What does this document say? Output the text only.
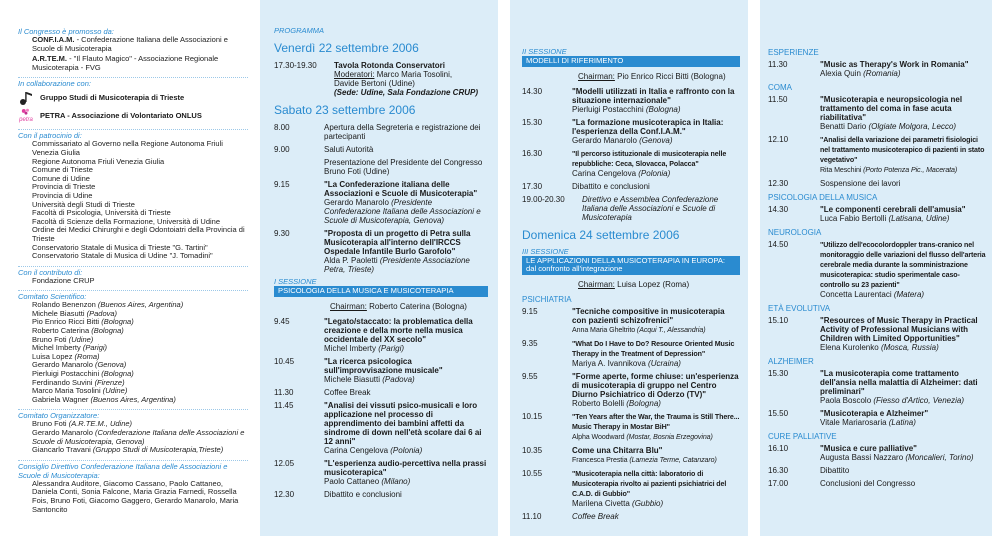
Il Congresso è promosso da:
CONF.I.A.M. - Confederazione Italiana delle Associazioni e Scuole di Musicoterapia
A.R.TE.M. - "Il Flauto Magico" - Associazione Regionale Musicoterapia - FVG
In collaborazione con:
Gruppo Studi di Musicoterapia di Trieste
petra PETRA - Associazione di Volontariato ONLUS
Con il patrocinio di:
Commissariato al Governo nella Regione Autonoma Friuli Venezia Giulia
Regione Autonoma Friuli Venezia Giulia
Comune di Trieste
Comune di Udine
Provincia di Trieste
Provincia di Udine
Università degli Studi di Trieste
Facoltà di Psicologia, Università di Trieste
Facoltà di Scienze della Formazione, Università di Udine
Ordine dei Medici Chirurghi e degli Odontoiatri della Provincia di Trieste
Conservatorio Statale di Musica di Trieste "G. Tartini"
Conservatorio Statale di Musica di Udine "J. Tomadini"
Con il contributo di:
Fondazione CRUP
Comitato Scientifico:
Rolando Benenzon (Buenos Aires, Argentina)
Michele Biasutti (Padova)
Pio Enrico Ricci Bitti (Bologna)
Roberto Caterina (Bologna)
Bruno Foti (Udine)
Michel Imberty (Parigi)
Luisa Lopez (Roma)
Gerardo Manarolo (Genova)
Pierluigi Postacchini (Bologna)
Ferdinando Suvini (Firenze)
Marco Maria Tosolini (Udine)
Gabriela Wagner (Buenos Aires, Argentina)
Comitato Organizzatore:
Bruno Foti (A.R.TE.M., Udine)
Gerardo Manarolo (Confederazione Italiana delle Associazioni e Scuole di Musicoterapia, Genova)
Giancarlo Travani (Gruppo Studi di Musicoterapia,Trieste)
Consiglio Direttivo Confederazione Italiana delle Associazioni e Scuole di Musicoterapia:
Alessandra Auditore, Giacomo Cassano, Paolo Cattaneo, Daniela Conti, Sonia Falcone, Maria Grazia Farnedi, Rossella Fois, Bruno Foti, Giacomo Gaggero, Gerardo Manarolo, Maria Santoncito
PROGRAMMA
Venerdì 22 settembre 2006
17.30-19.30	Tavola Rotonda Conservatori
Moderatori: Marco Maria Tosolini,
Davide Bertoni (Udine)
(Sede: Udine, Sala Fondazione CRUP)
Sabato 23 settembre 2006
8.00	Apertura della Segreteria e registrazione dei partecipanti
9.00	Saluti Autorità
Presentazione del Presidente del Congresso Bruno Foti (Udine)
9.15	"La Confederazione italiana delle Associazioni e Scuole di Musicoterapia"
Gerardo Manarolo (Presidente Confederazione Italiana delle Associazioni e Scuole di Musicoterapia, Genova)
9.30	"Proposta di un progetto di Petra sulla Musicoterapia all'interno dell'IRCCS Ospedale Infantile Burlo Garofolo"
Alda P. Paoletti (Presidente Associazione Petra, Trieste)
I SESSIONE
PSICOLOGIA DELLA MUSICA E MUSICOTERAPIA
Chairman: Roberto Caterina (Bologna)
9.45	"Legato/staccato: la problematica della creazione e della morte nella musica occidentale del XX secolo"
Michel Imberty (Parigi)
10.45	"La ricerca psicologica sull'improvvisazione musicale"
Michele Biasutti (Padova)
11.30	Coffee Break
11.45	"Analisi dei vissuti psico-musicali e loro applicazione nel processo di apprendimento dei bambini affetti da sindrome di down nell'età scolare dai 6 ai 12 anni"
Carina Cengelova (Polonia)
12.05	"L'esperienza audio-percettiva nella prassi musicoterapica"
Paolo Cattaneo (Milano)
12.30	Dibattito e conclusioni
II SESSIONE
MODELLI DI RIFERIMENTO
Chairman: Pio Enrico Ricci Bitti (Bologna)
14.30	"Modelli utilizzati in Italia e raffronto con la situazione internazionale"
Pierluigi Postacchini (Bologna)
15.30	"La formazione musicoterapica in Italia: l'esperienza della Conf.I.A.M."
Gerardo Manarolo (Genova)
16.30	"Il percorso istituzionale di musicoterapia nelle repubbliche: Ceca, Slovacca, Polacca"
Carina Cengelova (Polonia)
17.30	Dibattito e conclusioni
19.00-20.30	Direttivo e Assemblea Confederazione Italiana delle Associazioni e Scuole di Musicoterapia
Domenica 24 settembre 2006
III SESSIONE
LE APPLICAZIONI DELLA MUSICOTERAPIA IN EUROPA: dal confronto all'integrazione
Chairman: Luisa Lopez (Roma)
PSICHIATRIA
9.15	"Tecniche compositive in musicoterapia con pazienti schizofrenici"
Anna Maria Gheltrito (Acqui T., Alessandria)
9.35	"What Do I Have to Do? Resource Oriented Music Therapy in the Treatment of Depression"
Mariya A. Ivannikova (Ucraina)
9.55	"Forme aperte, forme chiuse: un'esperienza di musicoterapia di gruppo nel Centro Diurno Psichiatrico di Oderzo (TV)"
Roberto Bolelli (Bologna)
10.15	"Ten Years after the War, the Trauma is Still There... Music Therapy in Mostar BiH"
Alpha Woodward (Mostar, Bosnia Erzegovina)
10.35	Come una Chitarra Blu"
Francesca Prestia (Lamezia Terme, Catanzaro)
10.55	"Musicoterapia nella città: laboratorio di Musicoterapia rivolto ai pazienti psichiatrici del C.A.D. di Gubbio"
Marilena Civetta (Gubbio)
11.10	Coffee Break
ESPERIENZE
11.30	"Music as Therapy's Work in Romania"
Alexia Quin (Romania)
COMA
11.50	"Musicoterapia e neuropsicologia nel trattamento del coma in fase acuta riabilitativa"
Benatti Dario (Olgiate Molgora, Lecco)
12.10	"Analisi della variazione dei parametri fisiologici nel trattamento musicoterapico di pazienti in stato vegetativo"
Rita Meschini (Porto Potenza Pic., Macerata)
12.30	Sospensione dei lavori
PSICOLOGIA DELLA MUSICA
14.30	"Le componenti cerebrali dell'amusia"
Luca Fabio Bertolli (Latisana, Udine)
NEUROLOGIA
14.50	"Utilizzo dell'ecocolordoppler trans-cranico nel monitoraggio delle variazioni del flusso dell'arteria cerebrale media durante la somministrazione musicoterapica: studio sperimentale caso-controllo su 23 pazienti"
Concetta Laurentaci (Matera)
ETÀ EVOLUTIVA
15.10	"Resources of Music Therapy in Practical Activity of Professional Musicians with Children with Limited Opportunities"
Elena Kurolenko (Mosca, Russia)
ALZHEIMER
15.30	"La musicoterapia come trattamento dell'ansia nella malattia di Alzheimer: dati preliminari"
Paola Boscolo (Fiesso d'Artico, Venezia)
15.50	"Musicoterapia e Alzheimer"
Vitale Mariarosaria (Latina)
CURE PALLIATIVE
16.10	"Musica e cure palliative"
Augusta Bassi Nazzaro (Moncalieri, Torino)
16.30	Dibattito
17.00	Conclusioni del Congresso
